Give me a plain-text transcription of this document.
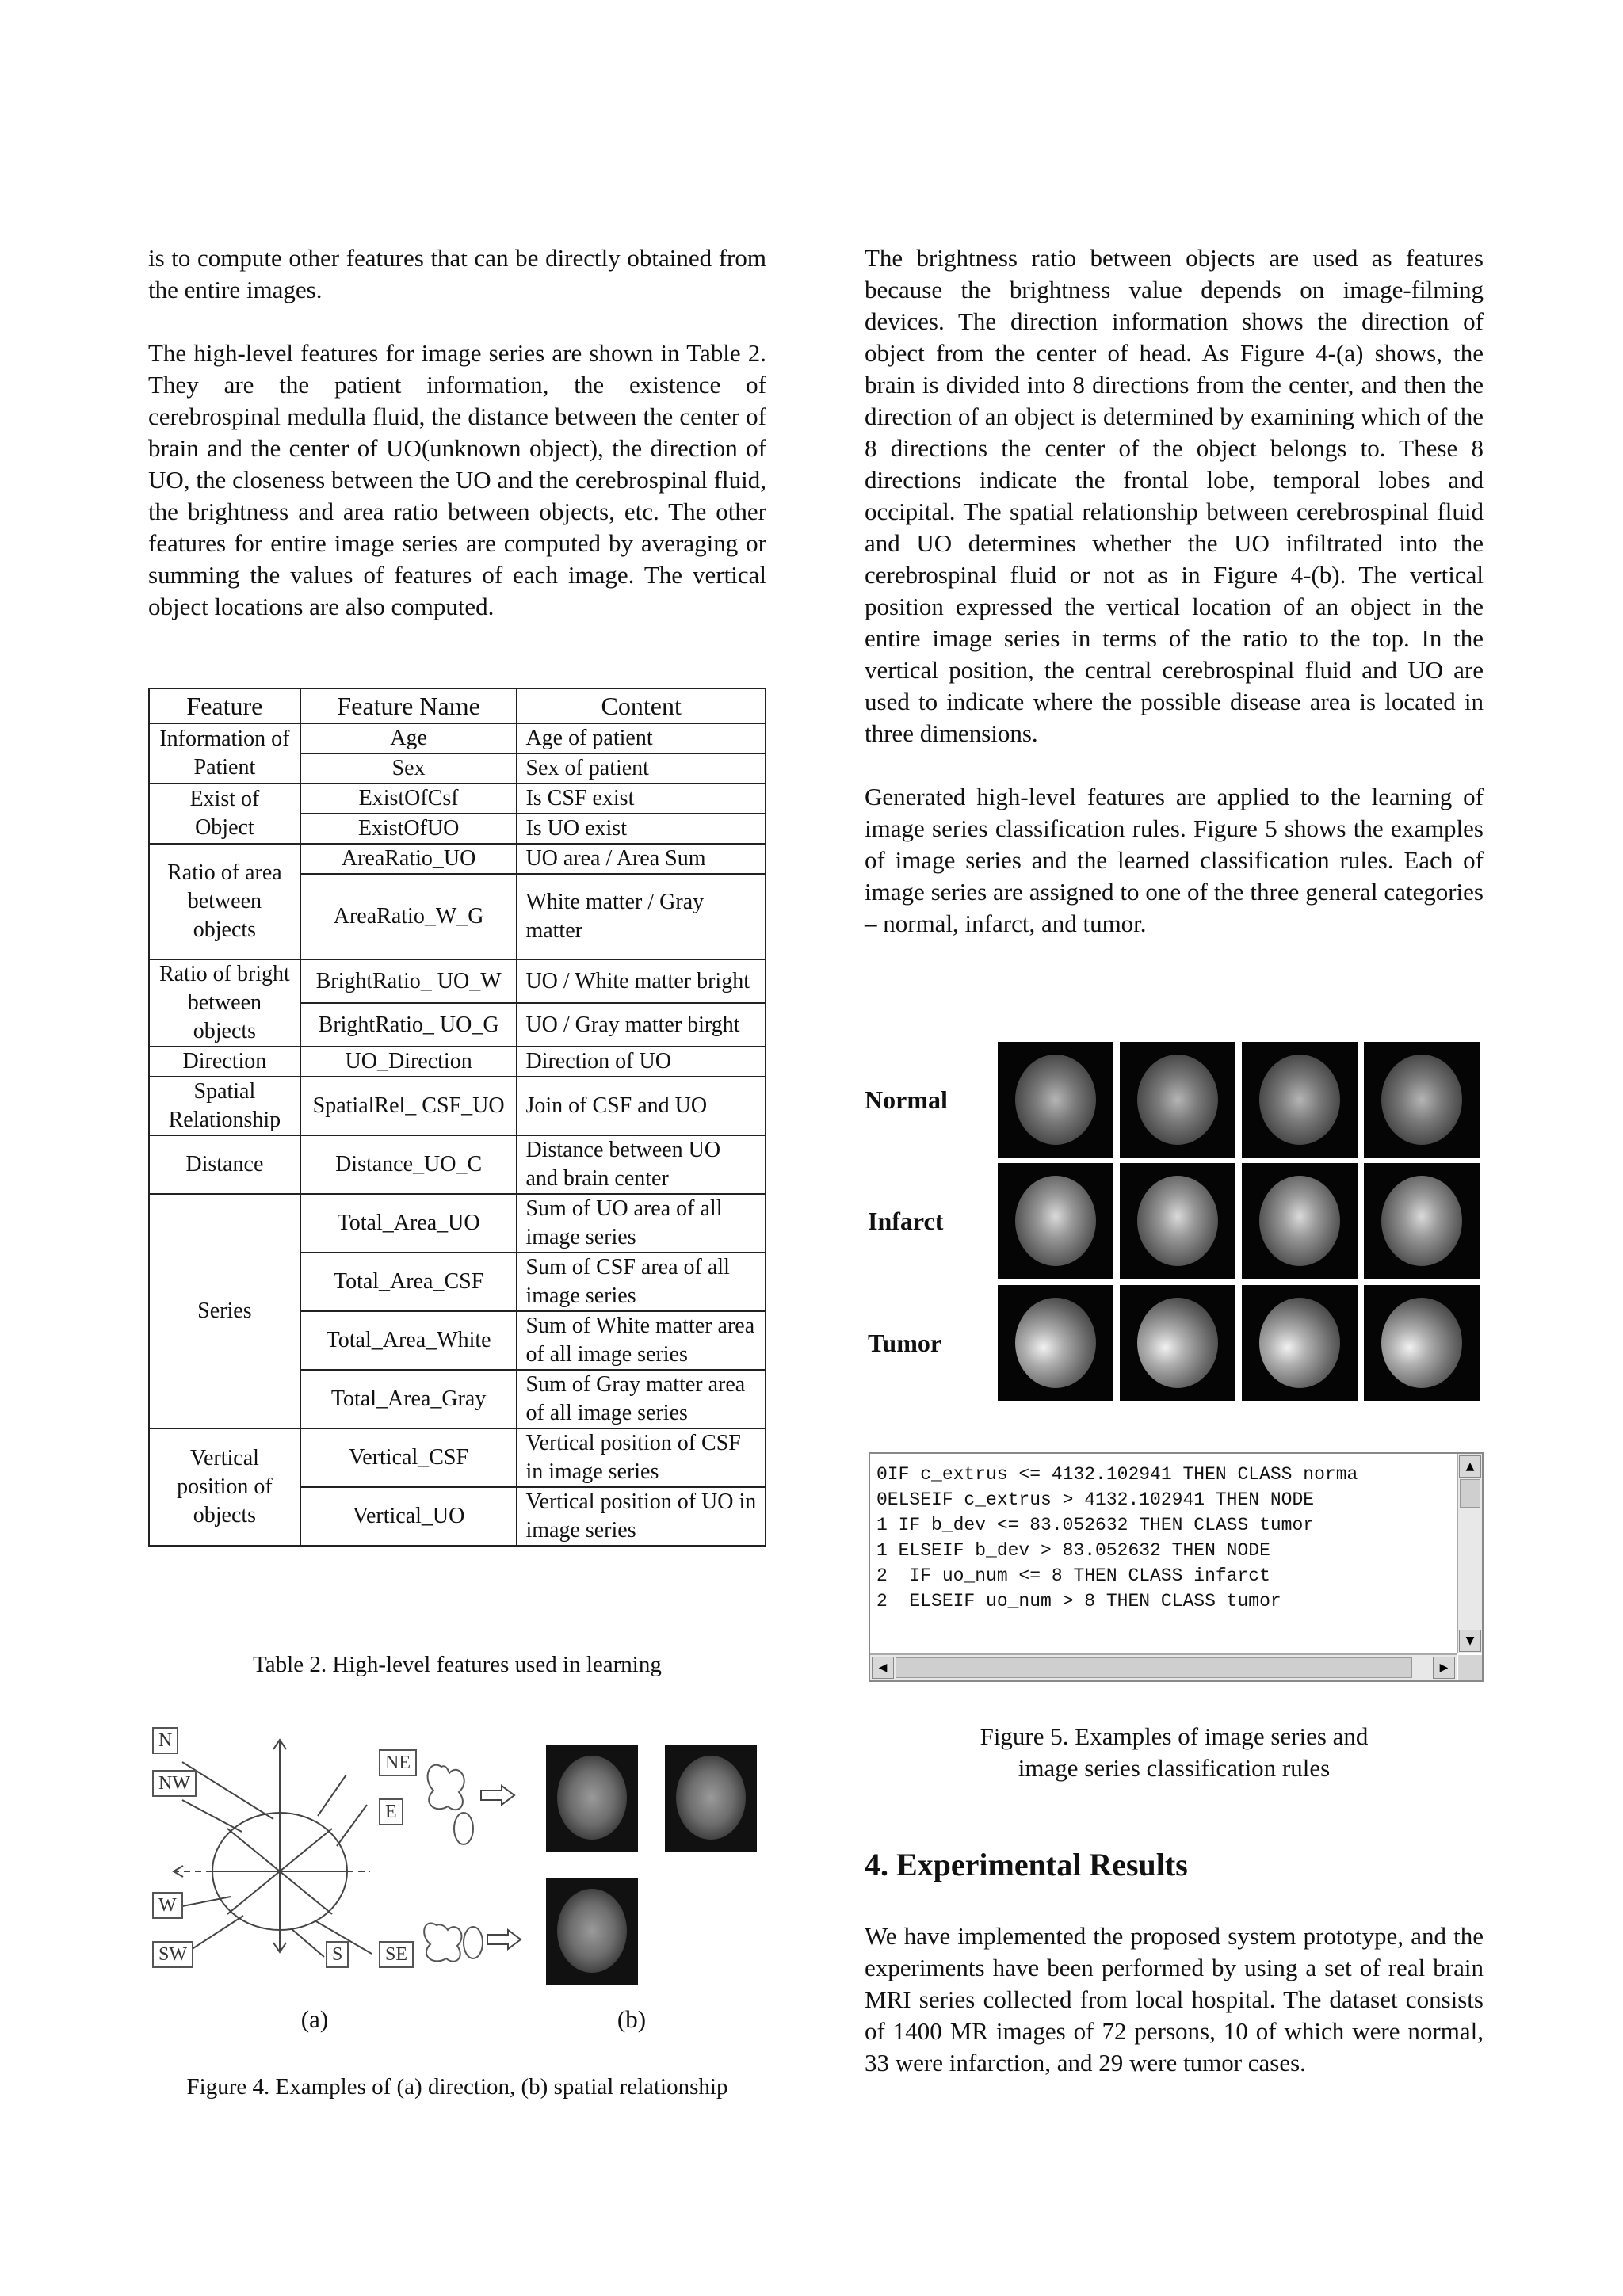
is to compute other features that can be directly obtained from the entire images.

The high-level features for image series are shown in Table 2. They are the patient information, the existence of cerebrospinal medulla fluid, the distance between the center of brain and the center of UO(unknown object), the direction of UO, the closeness between the UO and the cerebrospinal fluid, the brightness and area ratio between objects, etc. The other features for entire image series are computed by averaging or summing the values of features of each image. The vertical object locations are also computed.

Feature	Feature Name	Content
Information of Patient	Age	Age of patient
	Sex	Sex of patient
Exist of Object	ExistOfCsf	Is CSF exist
	ExistOfUO	Is UO exist
Ratio of area between objects	AreaRatio_UO	UO area / Area Sum
	AreaRatio_W_G	White matter / Gray matter
Ratio of bright between objects	BrightRatio_ UO_W	UO / White matter bright
	BrightRatio_ UO_G	UO / Gray matter birght
Direction	UO_Direction	Direction of UO
Spatial Relationship	SpatialRel_ CSF_UO	Join of CSF and UO
Distance	Distance_UO_C	Distance between UO and brain center
Series	Total_Area_UO	Sum of UO area of all image series
	Total_Area_CSF	Sum of CSF area of all image series
	Total_Area_White	Sum of White matter area of all image series
	Total_Area_Gray	Sum of Gray matter area of all image series
Vertical position of objects	Vertical_CSF	Vertical position of CSF in image series
	Vertical_UO	Vertical position of UO in image series
Table 2. High-level features used in learning
N
NE
NW
E
W
SW	S	SE
(a)	(b)
Figure 4. Examples of (a) direction, (b) spatial relationship

The brightness ratio between objects are used as features because the brightness value depends on image-filming devices. The direction information shows the direction of object from the center of head. As Figure 4-(a) shows, the brain is divided into 8 directions from the center, and then the direction of an object is determined by examining which of the 8 directions the center of the object belongs to. These 8 directions indicate the frontal lobe, temporal lobes and occipital. The spatial relationship between cerebrospinal fluid and UO determines whether the UO infiltrated into the cerebrospinal fluid or not as in Figure 4-(b). The vertical position expressed the vertical location of an object in the entire image series in terms of the ratio to the top. In the vertical position, the central cerebrospinal fluid and UO are used to indicate where the possible disease area is located in three dimensions.

Generated high-level features are applied to the learning of image series classification rules. Figure 5 shows the examples of image series and the learned classification rules. Each of image series are assigned to one of the three general categories – normal, infarct, and tumor.

Normal
Infarct
Tumor
0IF c_extrus <= 4132.102941 THEN CLASS norma
0ELSEIF c_extrus > 4132.102941 THEN NODE
1 IF b_dev <= 83.052632 THEN CLASS tumor
1 ELSEIF b_dev > 83.052632 THEN NODE
2  IF uo_num <= 8 THEN CLASS infarct
2  ELSEIF uo_num > 8 THEN CLASS tumor
▲
▼
◀	▶
Figure 5. Examples of image series and
image series classification rules
4. Experimental Results

We have implemented the proposed system prototype, and the experiments have been performed by using a set of real brain MRI series collected from local hospital. The dataset consists of 1400 MR images of 72 persons, 10 of which were normal, 33 were infarction, and 29 were tumor cases.
